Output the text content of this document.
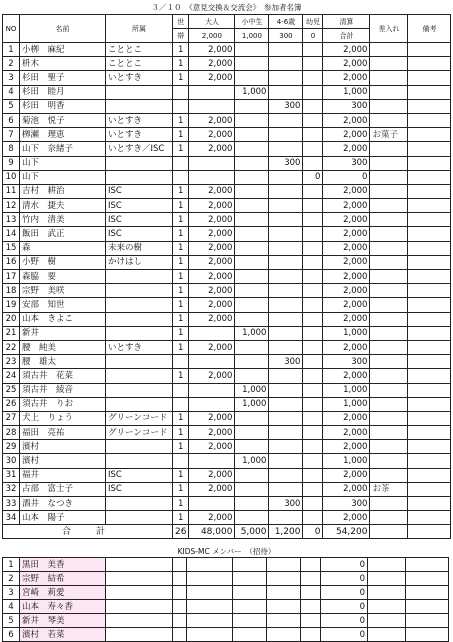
３／１０　《意見交換＆交流会》　参加者名簿
NO	名前	所属	世	大人	小中生	4-6歳	幼児	清算	差入れ	備考
			帯	2,000	1,000	300	0	合計		
1	小栁　麻紀	こととこ	1	2,000				2,000		
2	枡木	こととこ	1	2,000				2,000		
3	杉田　聖子	いとすき	1	2,000				2,000		
4	杉田　睦月				1,000			1,000		
5	杉田　明香					300		300		
6	菊池　悦子	いとすき	1	2,000				2,000		
7	栁瀬　理恵	いとすき	1	2,000				2,000	お菓子	
8	山下　奈緒子	いとすき／ISC	1	2,000				2,000		
9	山下					300		300		
10	山下						0	0		
11	吉村　耕治	ISC	1	2,000				2,000		
12	清水　捷夫	ISC	1	2,000				2,000		
13	竹内　清美	ISC	1	2,000				2,000		
14	飯田　武正	ISC	1	2,000				2,000		
15	森	未来の樹	1	2,000				2,000		
16	小野　樹	かけはし	1	2,000				2,000		
17	森脇　要		1	2,000				2,000		
18	宗野　美咲		1	2,000				2,000		
19	安部　知世		1	2,000				2,000		
20	山本　きよこ		1	2,000				2,000		
21	新井		1		1,000			1,000		
22	腰　純美	いとすき	1	2,000				2,000		
23	腰　雄太					300		300		
24	須古井　花菜		1	2,000				2,000		
25	須古井　綾音				1,000			1,000		
26	須古井　りお				1,000			1,000		
27	犬上　りょう	グリーンコード	1	2,000				2,000		
28	福田　亮祐	グリーンコード	1	2,000				2,000		
29	濱村		1	2,000				2,000		
30	濱村				1,000			1,000		
31	福井	ISC	1	2,000				2,000		
32	占部　富士子	ISC	1	2,000				2,000	お茶	
33	酒井　なつき		1			300		300		
34	山本　陽子		1	2,000				2,000		
合　計			26	48,000	5,000	1,200	0	54,200		
KIDS-MC メンバー　（招待）
1	黒田　美香							0		
2	宗野　結希							0		
3	宮崎　莉愛							0		
4	山本　寿々香							0		
5	新井　琴美							0		
6	濱村　若菜							0		
